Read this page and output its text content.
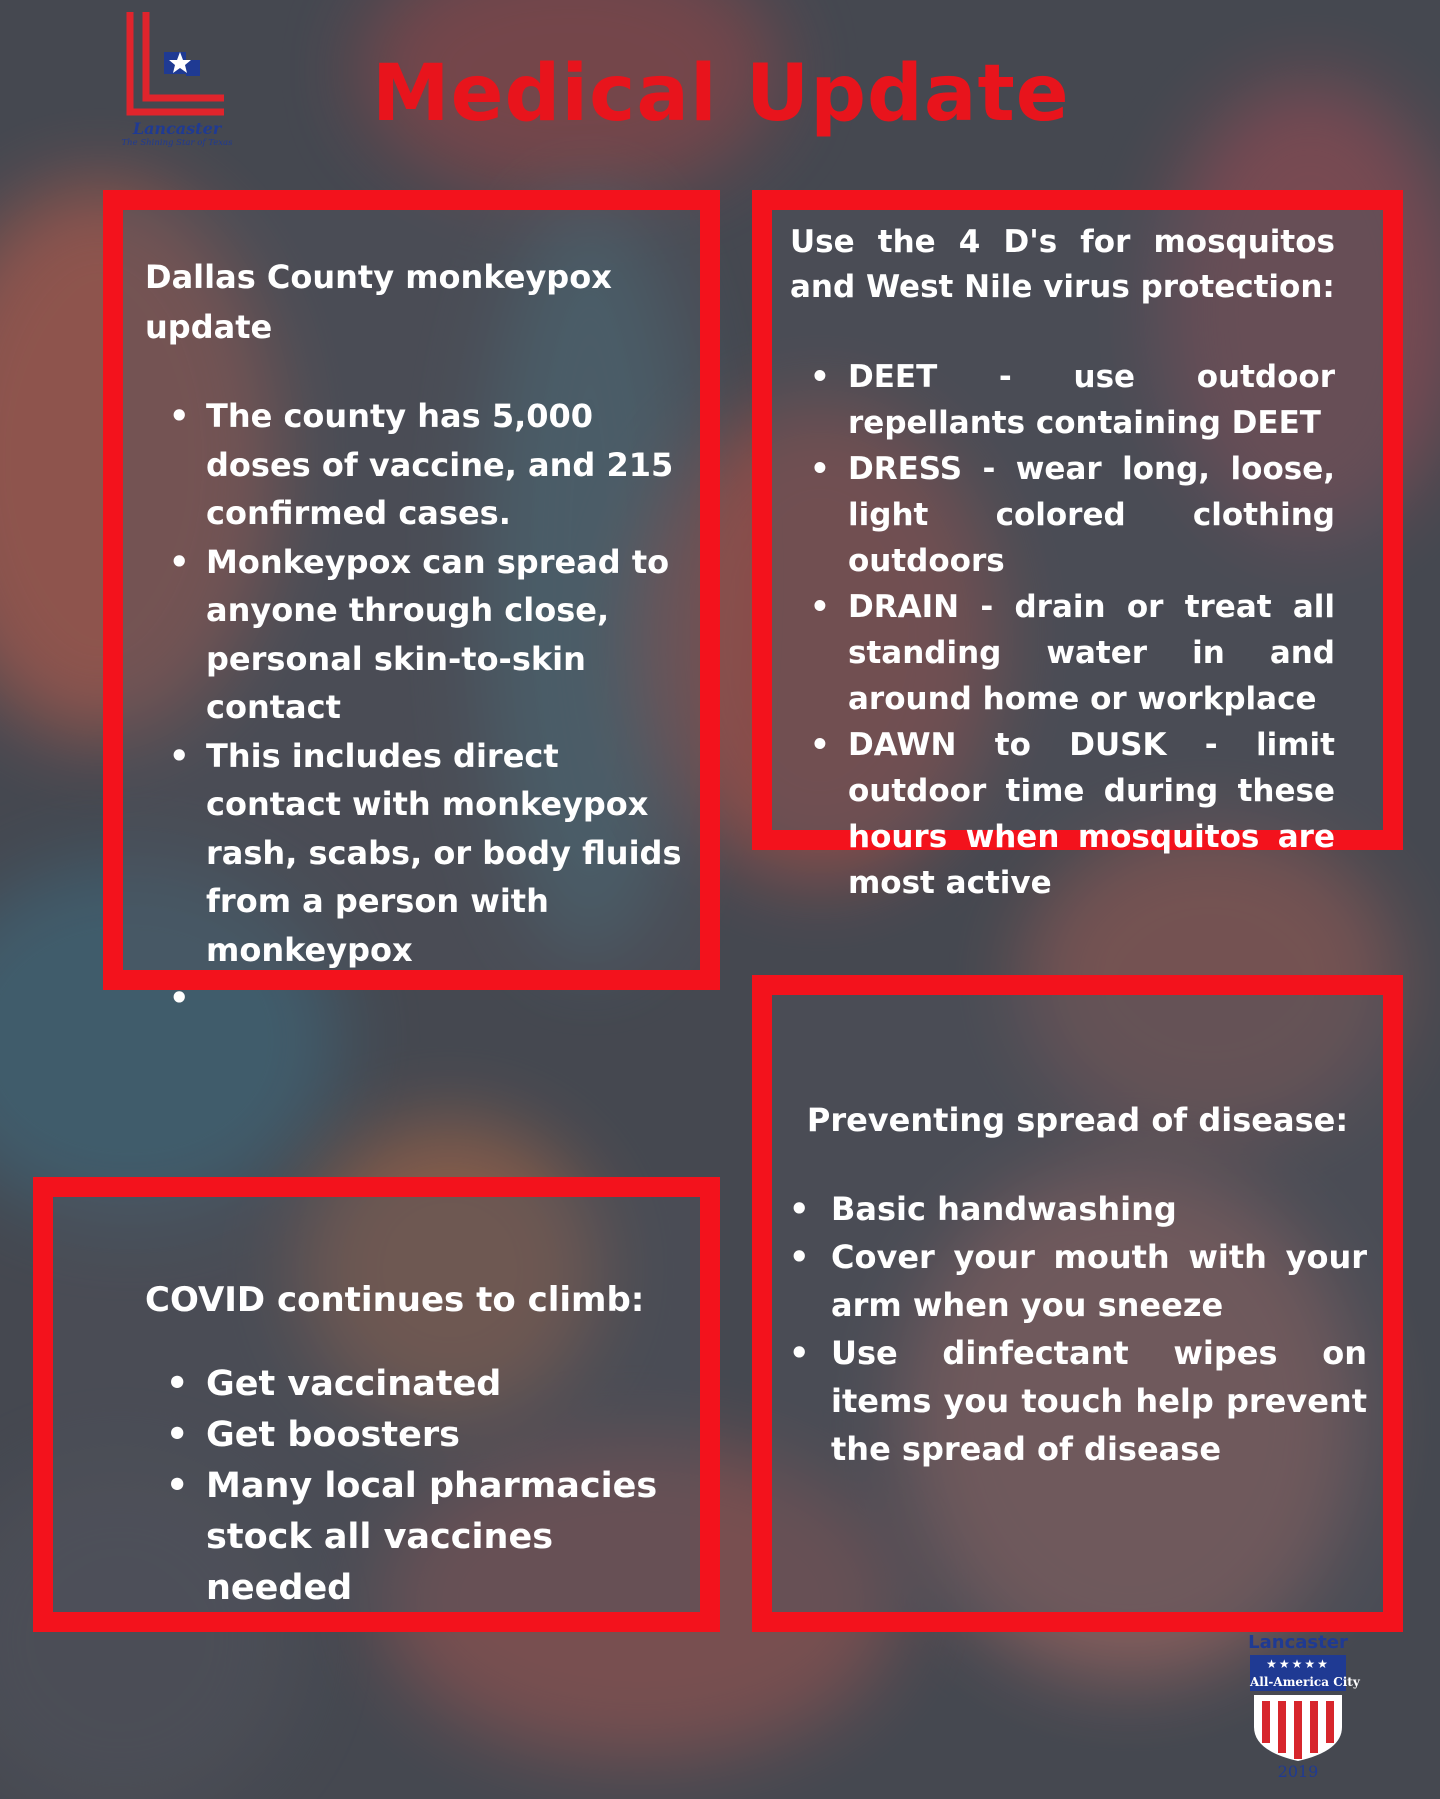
Lancaster
The Shining Star of Texas
Medical Update
Dallas County monkeypox update
• The county has 5,000 doses of vaccine, and 215 confirmed cases.
• Monkeypox can spread to anyone through close, personal skin-to-skin contact
• This includes direct contact with monkeypox rash, scabs, or body fluids from a person with monkeypox
•
Use the 4 D's for mosquitos and West Nile virus protection:
• DEET - use outdoor repellants containing DEET
• DRESS - wear long, loose, light colored clothing outdoors
• DRAIN - drain or treat all standing water in and around home or workplace
• DAWN to DUSK - limit outdoor time during these hours when mosquitos are most active
COVID continues to climb:
• Get vaccinated
• Get boosters
• Many local pharmacies stock all vaccines needed
Preventing spread of disease:
• Basic handwashing
• Cover your mouth with your arm when you sneeze
• Use dinfectant wipes on items you touch help prevent the spread of disease
Lancaster
★★★★★
All-America City
2019
